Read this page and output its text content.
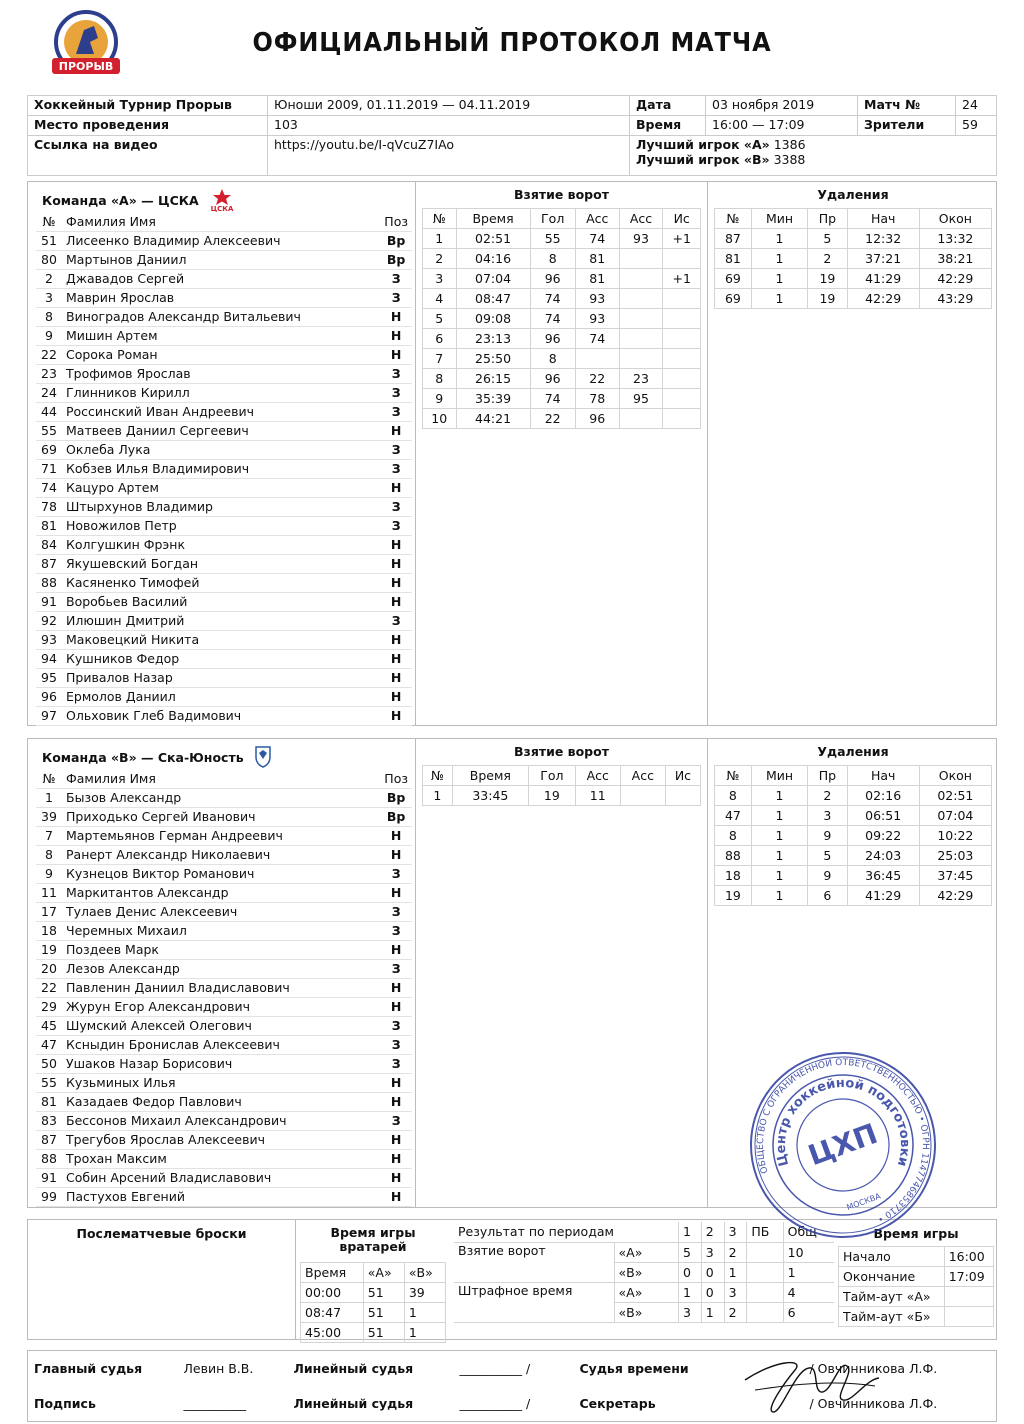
ПРОРЫВ
ОФИЦИАЛЬНЫЙ ПРОТОКОЛ МАТЧА
Хоккейный Турнир Прорыв	Юноши 2009, 01.11.2019 — 04.11.2019	Дата	03 ноября 2019	Матч №	24
Место проведения	103	Время	16:00 — 17:09	Зрители	59
Ссылка на видео	https://youtu.be/I-qVcuZ7IAo	Лучший игрок «А» 1386
Лучший игрок «В» 3388			
Команда «А» — ЦСКА
ЦСКА
№	Фамилия Имя	Поз
51	Лисеенко Владимир Алексеевич	Вр
80	Мартынов Даниил	Вр
2	Джавадов Сергей	З
3	Маврин Ярослав	З
8	Виноградов Александр Витальевич	Н
9	Мишин Артем	Н
22	Сорока Роман	Н
23	Трофимов Ярослав	З
24	Глинников Кирилл	З
44	Россинский Иван Андреевич	З
55	Матвеев Даниил Сергеевич	Н
69	Оклеба Лука	З
71	Кобзев Илья Владимирович	З
74	Кацуро Артем	Н
78	Штырхунов Владимир	З
81	Новожилов Петр	З
84	Колгушкин Фрэнк	Н
87	Якушевский Богдан	Н
88	Касяненко Тимофей	Н
91	Воробьев Василий	Н
92	Илюшин Дмитрий	З
93	Маковецкий Никита	Н
94	Кушников Федор	Н
95	Привалов Назар	Н
96	Ермолов Даниил	Н
97	Ольховик Глеб Вадимович	Н
Взятие ворот
№	Время	Гол	Асс	Асс	Ис
1	02:51	55	74	93	+1
2	04:16	8	81		
3	07:04	96	81		+1
4	08:47	74	93		
5	09:08	74	93		
6	23:13	96	74		
7	25:50	8			
8	26:15	96	22	23	
9	35:39	74	78	95	
10	44:21	22	96		
Удаления
№	Мин	Пр	Нач	Окон
87	1	5	12:32	13:32
81	1	2	37:21	38:21
69	1	19	41:29	42:29
69	1	19	42:29	43:29
Команда «В» — Ска-Юность
№	Фамилия Имя	Поз
1	Бызов Александр	Вр
39	Приходько Сергей Иванович	Вр
7	Мартемьянов Герман Андреевич	Н
8	Ранерт Александр Николаевич	Н
9	Кузнецов Виктор Романович	З
11	Маркитантов Александр	Н
17	Тулаев Денис Алексеевич	З
18	Черемных Михаил	З
19	Поздеев Марк	Н
20	Лезов Александр	З
22	Павленин Даниил Владиславович	Н
29	Журун Егор Александрович	Н
45	Шумский Алексей Олегович	З
47	Ксныдин Бронислав Алексеевич	З
50	Ушаков Назар Борисович	З
55	Кузьминых Илья	Н
81	Казадаев Федор Павлович	Н
83	Бессонов Михаил Александрович	З
87	Трегубов Ярослав Алексеевич	Н
88	Трохан Максим	Н
91	Собин Арсений Владиславович	Н
99	Пастухов Евгений	Н
Взятие ворот
№	Время	Гол	Асс	Асс	Ис
1	33:45	19	11		
Удаления
№	Мин	Пр	Нач	Окон
8	1	2	02:16	02:51
47	1	3	06:51	07:04
8	1	9	09:22	10:22
88	1	5	24:03	25:03
18	1	9	36:45	37:45
19	1	6	41:29	42:29
Послематчевые броски	Время игры вратарей
Время	«А»	«В»
00:00	51	39
08:47	51	1
45:00	51	1
Результат по периодам		1	2	3	ПБ	Общ
Взятие ворот	«А»	5	3	2		10
	«В»	0	0	1		1
Штрафное время	«А»	1	0	3		4
	«В»	3	1	2		6
Время игры
Начало	16:00
Окончание	17:09
Тайм-аут «А»	
Тайм-аут «Б»	
Главный судья	Левин В.В.	Линейный судья	__________ /	Судья времени	/ Овчинникова Л.Ф.
Подпись	__________	Линейный судья	__________ /	Секретарь	/ Овчинникова Л.Ф.
ОБЩЕСТВО С ОГРАНИЧЕННОЙ ОТВЕТСТВЕННОСТЬЮ • ОГРН 1147746853710 •
Центр хоккейной подготовки
ЦХП
МОСКВА
